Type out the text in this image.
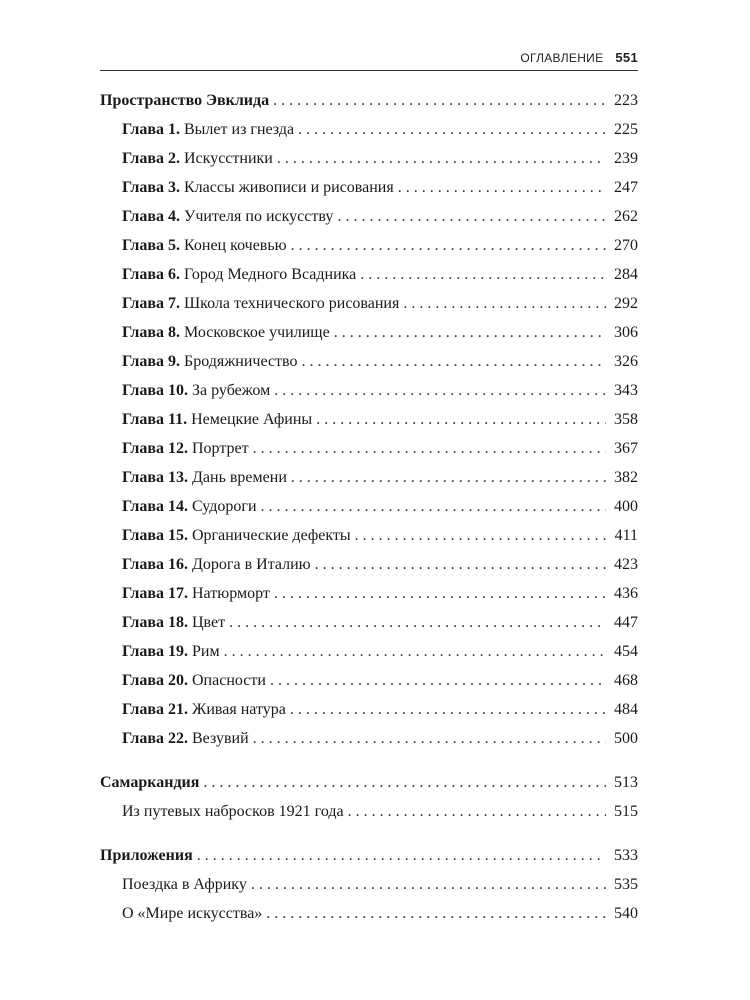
ОГЛАВЛЕНИЕ 551
Пространство Эвклида . . .	223
Глава 1. Вылет из гнезда . . .	225
Глава 2. Искусстники . . .	239
Глава 3. Классы живописи и рисования . . .	247
Глава 4. Учителя по искусству . . .	262
Глава 5. Конец кочевью . . .	270
Глава 6. Город Медного Всадника . . .	284
Глава 7. Школа технического рисования . . .	292
Глава 8. Московское училище . . .	306
Глава 9. Бродяжничество . . .	326
Глава 10. За рубежом . . .	343
Глава 11. Немецкие Афины . . .	358
Глава 12. Портрет . . .	367
Глава 13. Дань времени . . .	382
Глава 14. Судороги . . .	400
Глава 15. Органические дефекты . . .	411
Глава 16. Дорога в Италию . . .	423
Глава 17. Натюрморт . . .	436
Глава 18. Цвет . . .	447
Глава 19. Рим . . .	454
Глава 20. Опасности . . .	468
Глава 21. Живая натура . . .	484
Глава 22. Везувий . . .	500
Самаркандия . . .	513
Из путевых набросков 1921 года . . .	515
Приложения . . .	533
Поездка в Африку . . .	535
О «Мире искусства» . . .	540
